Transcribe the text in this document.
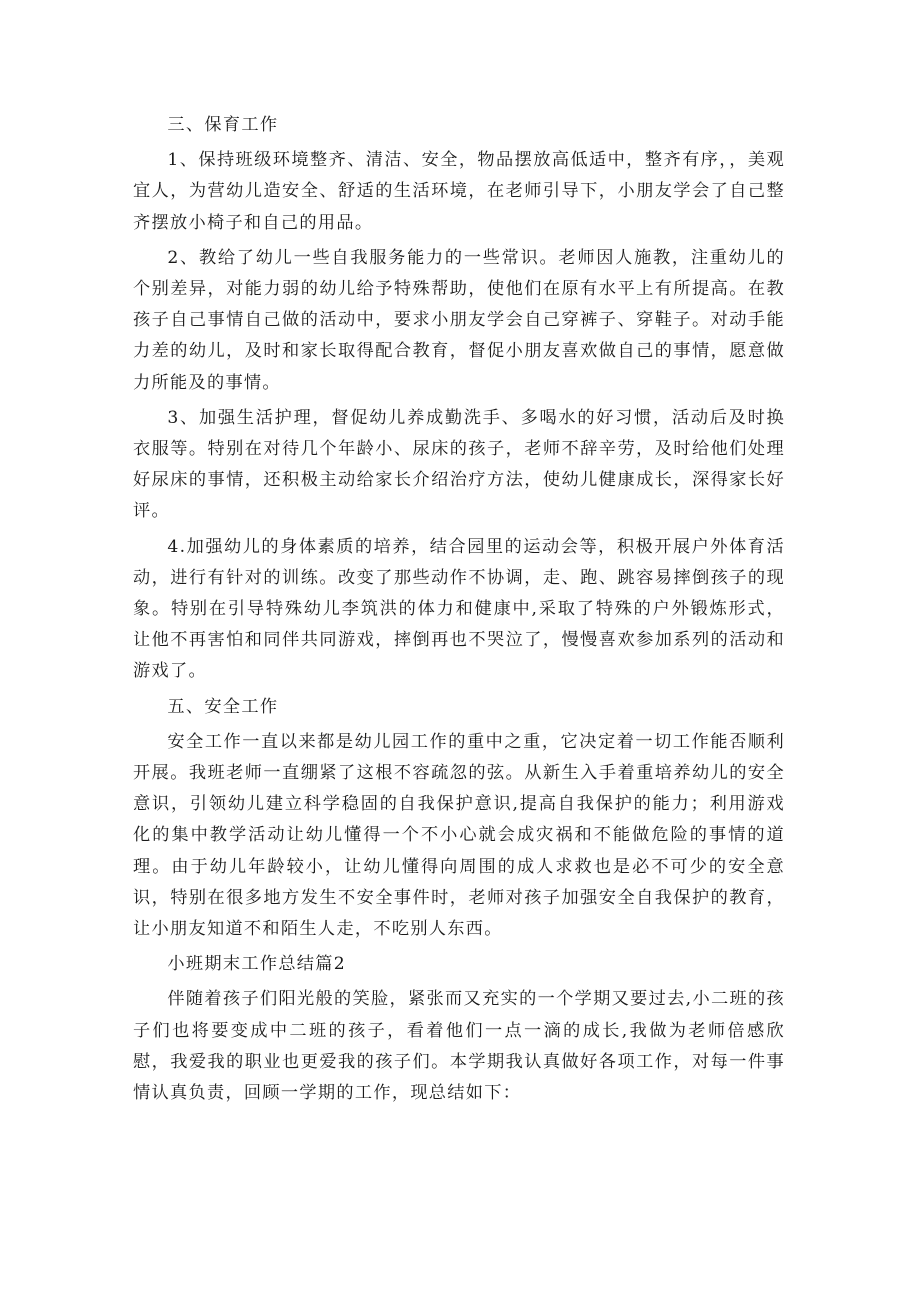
三、保育工作

1、保持班级环境整齐、清洁、安全，物品摆放高低适中，整齐有序，，美观宜人，为营幼儿造安全、舒适的生活环境，在老师引导下，小朋友学会了自己整齐摆放小椅子和自己的用品。

2、教给了幼儿一些自我服务能力的一些常识。老师因人施教，注重幼儿的个别差异，对能力弱的幼儿给予特殊帮助，使他们在原有水平上有所提高。在教孩子自己事情自己做的活动中，要求小朋友学会自己穿裤子、穿鞋子。对动手能力差的幼儿，及时和家长取得配合教育，督促小朋友喜欢做自己的事情，愿意做力所能及的事情。

3、加强生活护理，督促幼儿养成勤洗手、多喝水的好习惯，活动后及时换衣服等。特别在对待几个年龄小、尿床的孩子，老师不辞辛劳，及时给他们处理好尿床的事情，还积极主动给家长介绍治疗方法，使幼儿健康成长，深得家长好评。

4.加强幼儿的身体素质的培养，结合园里的运动会等，积极开展户外体育活动，进行有针对的训练。改变了那些动作不协调，走、跑、跳容易摔倒孩子的现象。特别在引导特殊幼儿李筑洪的体力和健康中,采取了特殊的户外锻炼形式，让他不再害怕和同伴共同游戏，摔倒再也不哭泣了，慢慢喜欢参加系列的活动和游戏了。

五、安全工作

安全工作一直以来都是幼儿园工作的重中之重，它决定着一切工作能否顺利开展。我班老师一直绷紧了这根不容疏忽的弦。从新生入手着重培养幼儿的安全意识，引领幼儿建立科学稳固的自我保护意识,提高自我保护的能力；利用游戏化的集中教学活动让幼儿懂得一个不小心就会成灾祸和不能做危险的事情的道理。由于幼儿年龄较小，让幼儿懂得向周围的成人求救也是必不可少的安全意识，特别在很多地方发生不安全事件时，老师对孩子加强安全自我保护的教育，让小朋友知道不和陌生人走，不吃别人东西。

小班期末工作总结篇2

伴随着孩子们阳光般的笑脸，紧张而又充实的一个学期又要过去,小二班的孩子们也将要变成中二班的孩子，看着他们一点一滴的成长,我做为老师倍感欣慰，我爱我的职业也更爱我的孩子们。本学期我认真做好各项工作，对每一件事情认真负责，回顾一学期的工作，现总结如下：
